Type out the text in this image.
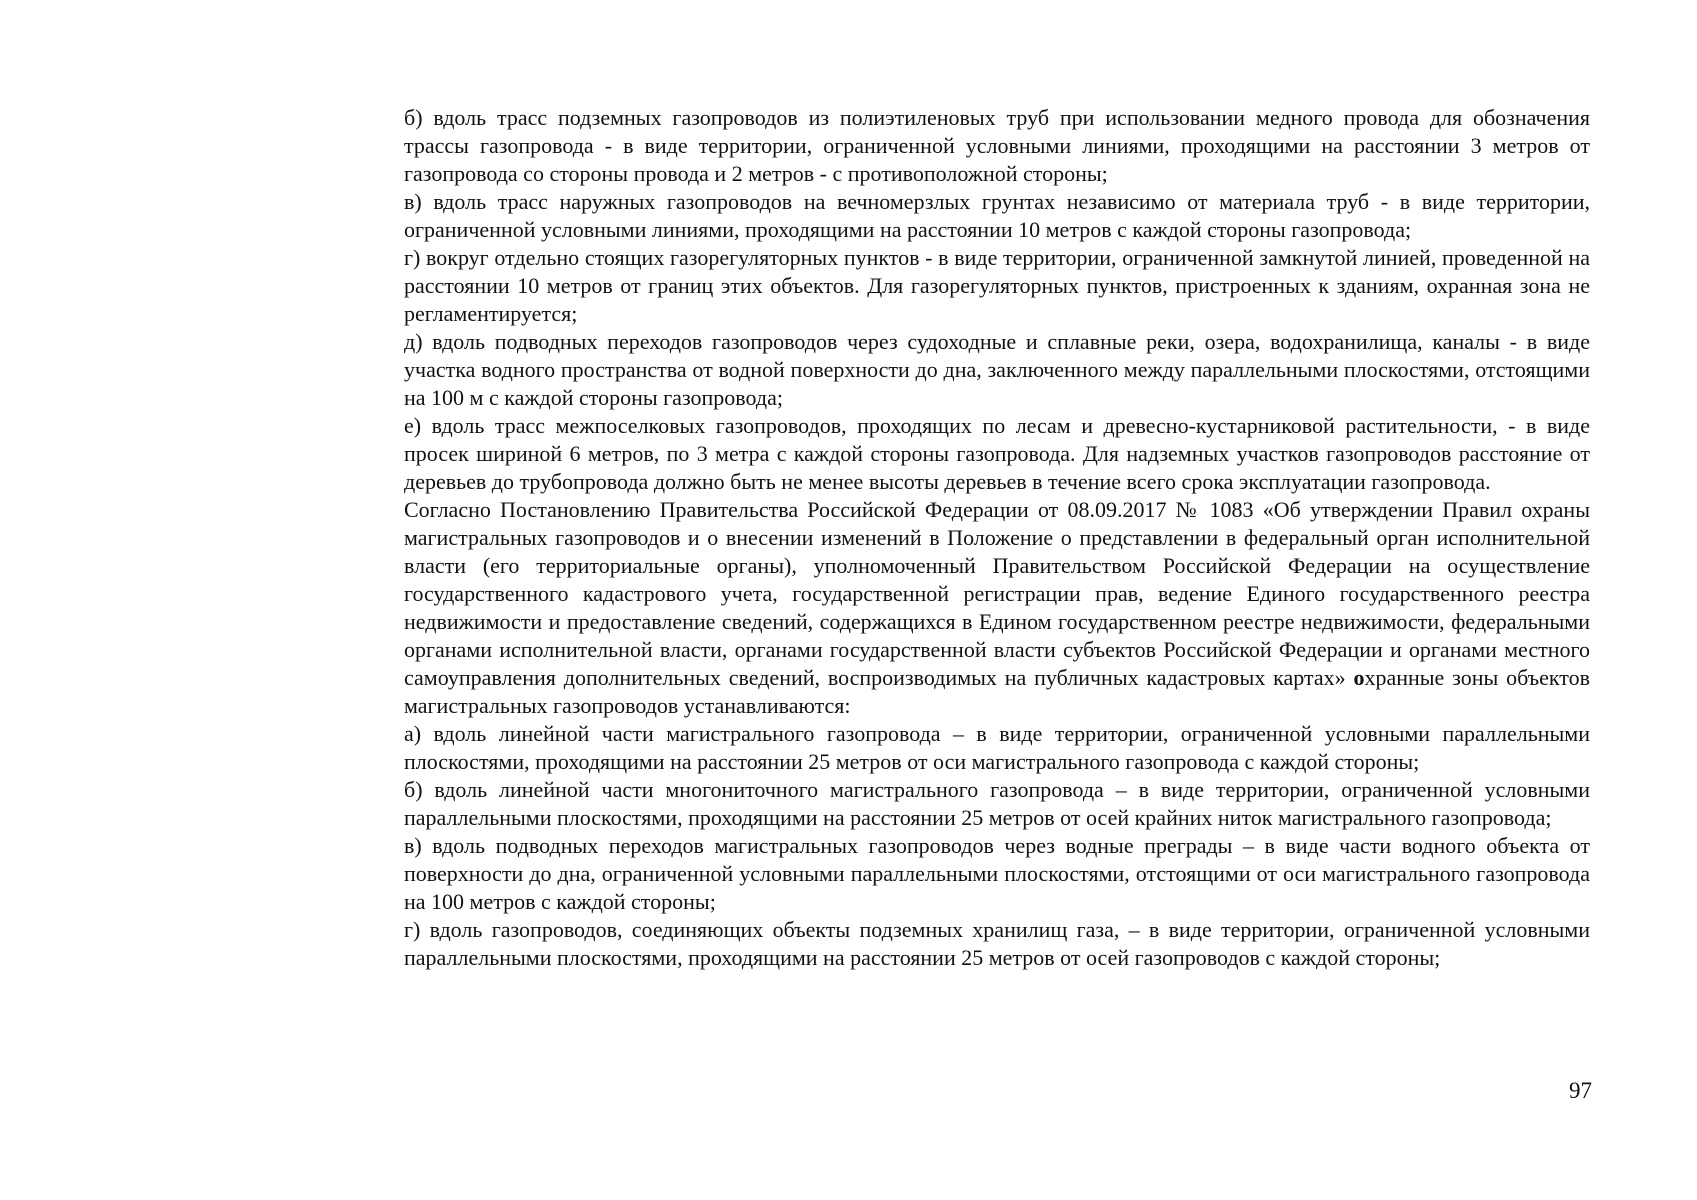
б) вдоль трасс подземных газопроводов из полиэтиленовых труб при использовании медного провода для обозначения трассы газопровода - в виде территории, ограниченной условными линиями, проходящими на расстоянии 3 метров от газопровода со стороны провода и 2 метров - с противоположной стороны;

в) вдоль трасс наружных газопроводов на вечномерзлых грунтах независимо от материала труб - в виде территории, ограниченной условными линиями, проходящими на расстоянии 10 метров с каждой стороны газопровода;

г) вокруг отдельно стоящих газорегуляторных пунктов - в виде территории, ограниченной замкнутой линией, проведенной на расстоянии 10 метров от границ этих объектов. Для газорегуляторных пунктов, пристроенных к зданиям, охранная зона не регламентируется;

д) вдоль подводных переходов газопроводов через судоходные и сплавные реки, озера, водохранилища, каналы - в виде участка водного пространства от водной поверхности до дна, заключенного между параллельными плоскостями, отстоящими на 100 м с каждой стороны газопровода;

е) вдоль трасс межпоселковых газопроводов, проходящих по лесам и древесно-кустарниковой растительности, - в виде просек шириной 6 метров, по 3 метра с каждой стороны газопровода. Для надземных участков газопроводов расстояние от деревьев до трубопровода должно быть не менее высоты деревьев в течение всего срока эксплуатации газопровода.

Согласно Постановлению Правительства Российской Федерации от 08.09.2017 № 1083 «Об утверждении Правил охраны магистральных газопроводов и о внесении изменений в Положение о представлении в федеральный орган исполнительной власти (его территориальные органы), уполномоченный Правительством Российской Федерации на осуществление государственного кадастрового учета, государственной регистрации прав, ведение Единого государственного реестра недвижимости и предоставление сведений, содержащихся в Едином государственном реестре недвижимости, федеральными органами исполнительной власти, органами государственной власти субъектов Российской Федерации и органами местного самоуправления дополнительных сведений, воспроизводимых на публичных кадастровых картах» охранные зоны объектов магистральных газопроводов устанавливаются:

а) вдоль линейной части магистрального газопровода – в виде территории, ограниченной условными параллельными плоскостями, проходящими на расстоянии 25 метров от оси магистрального газопровода с каждой стороны;

б) вдоль линейной части многониточного магистрального газопровода – в виде территории, ограниченной условными параллельными плоскостями, проходящими на расстоянии 25 метров от осей крайних ниток магистрального газопровода;

в) вдоль подводных переходов магистральных газопроводов через водные преграды – в виде части водного объекта от поверхности до дна, ограниченной условными параллельными плоскостями, отстоящими от оси магистрального газопровода на 100 метров с каждой стороны;

г) вдоль газопроводов, соединяющих объекты подземных хранилищ газа, – в виде территории, ограниченной условными параллельными плоскостями, проходящими на расстоянии 25 метров от осей газопроводов с каждой стороны;

97
